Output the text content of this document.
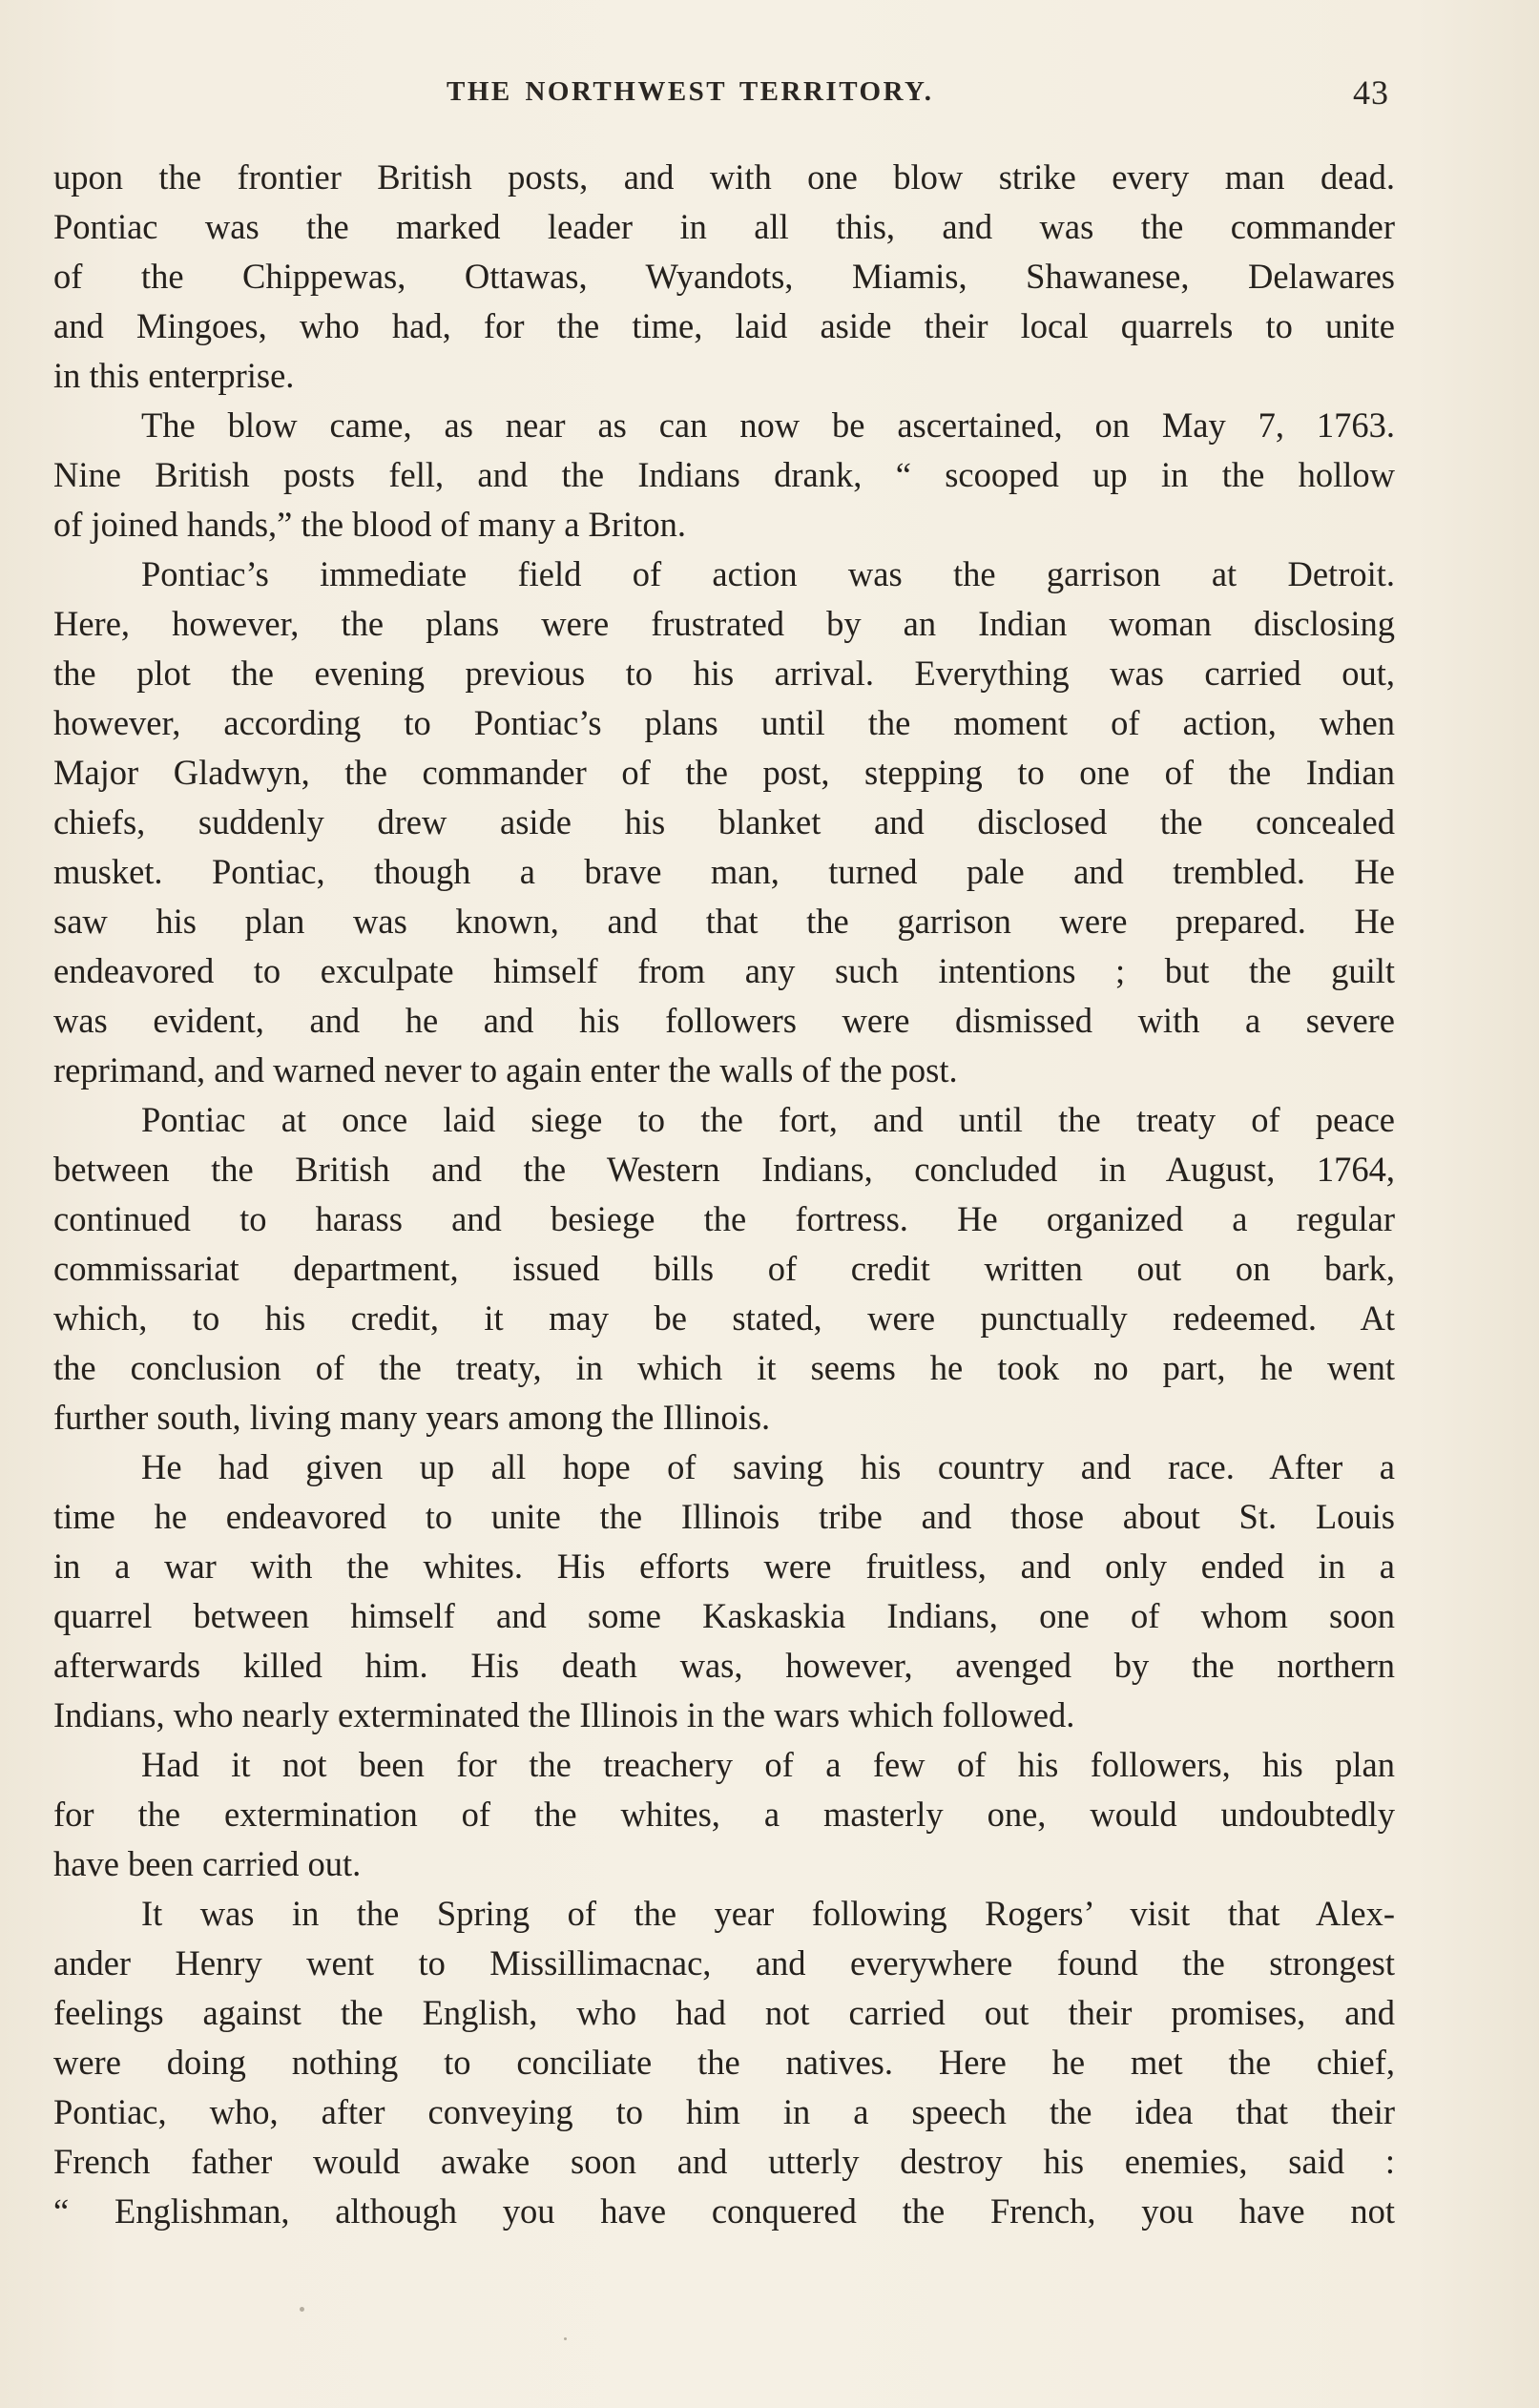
THE NORTHWEST TERRITORY.	43
upon the frontier British posts, and with one blow strike every man dead.
Pontiac was the marked leader in all this, and was the commander
of the Chippewas, Ottawas, Wyandots, Miamis, Shawanese, Delawares
and Mingoes, who had, for the time, laid aside their local quarrels to unite
in this enterprise.
The blow came, as near as can now be ascertained, on May 7, 1763.
Nine British posts fell, and the Indians drank, “ scooped up in the hollow
of joined hands,” the blood of many a Briton.
Pontiac’s immediate field of action was the garrison at Detroit.
Here, however, the plans were frustrated by an Indian woman disclosing
the plot the evening previous to his arrival. Everything was carried out,
however, according to Pontiac’s plans until the moment of action, when
Major Gladwyn, the commander of the post, stepping to one of the Indian
chiefs, suddenly drew aside his blanket and disclosed the concealed
musket. Pontiac, though a brave man, turned pale and trembled. He
saw his plan was known, and that the garrison were prepared. He
endeavored to exculpate himself from any such intentions ; but the guilt
was evident, and he and his followers were dismissed with a severe
reprimand, and warned never to again enter the walls of the post.
Pontiac at once laid siege to the fort, and until the treaty of peace
between the British and the Western Indians, concluded in August, 1764,
continued to harass and besiege the fortress. He organized a regular
commissariat department, issued bills of credit written out on bark,
which, to his credit, it may be stated, were punctually redeemed. At
the conclusion of the treaty, in which it seems he took no part, he went
further south, living many years among the Illinois.
He had given up all hope of saving his country and race. After a
time he endeavored to unite the Illinois tribe and those about St. Louis
in a war with the whites. His efforts were fruitless, and only ended in a
quarrel between himself and some Kaskaskia Indians, one of whom soon
afterwards killed him. His death was, however, avenged by the northern
Indians, who nearly exterminated the Illinois in the wars which followed.
Had it not been for the treachery of a few of his followers, his plan
for the extermination of the whites, a masterly one, would undoubtedly
have been carried out.
It was in the Spring of the year following Rogers’ visit that Alex-
ander Henry went to Missillimacnac, and everywhere found the strongest
feelings against the English, who had not carried out their promises, and
were doing nothing to conciliate the natives. Here he met the chief,
Pontiac, who, after conveying to him in a speech the idea that their
French father would awake soon and utterly destroy his enemies, said :
“ Englishman, although you have conquered the French, you have not
